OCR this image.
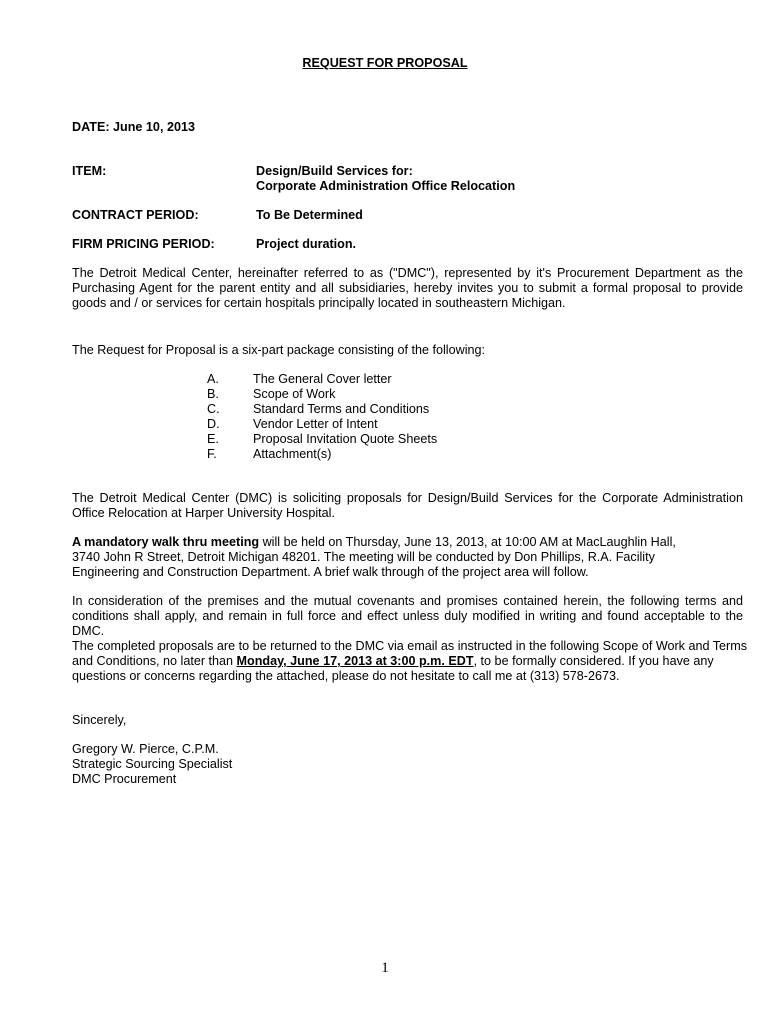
REQUEST FOR PROPOSAL
DATE: June 10, 2013
ITEM:	Design/Build Services for:
Corporate Administration Office Relocation
CONTRACT PERIOD:	To Be Determined
FIRM PRICING PERIOD:	Project duration.

The Detroit Medical Center, hereinafter referred to as ("DMC"), represented by it's Procurement Department as the Purchasing Agent for the parent entity and all subsidiaries, hereby invites you to submit a formal proposal to provide goods and / or services for certain hospitals principally located in southeastern Michigan.

The Request for Proposal is a six-part package consisting of the following:
A.	The General Cover letter
B.	Scope of Work
C.	Standard Terms and Conditions
D.	Vendor Letter of Intent
E.	Proposal Invitation Quote Sheets
F.	Attachment(s)

The Detroit Medical Center (DMC) is soliciting proposals for Design/Build Services for the Corporate Administration Office Relocation at Harper University Hospital.

A mandatory walk thru meeting will be held on Thursday, June 13, 2013, at 10:00 AM at MacLaughlin Hall,
3740 John R Street, Detroit Michigan 48201. The meeting will be conducted by Don Phillips, R.A. Facility
Engineering and Construction Department. A brief walk through of the project area will follow.

In consideration of the premises and the mutual covenants and promises contained herein, the following terms and conditions shall apply, and remain in full force and effect unless duly modified in writing and found acceptable to the DMC.

The completed proposals are to be returned to the DMC via email as instructed in the following Scope of Work and Terms
and Conditions, no later than Monday, June 17, 2013 at 3:00 p.m. EDT, to be formally considered. If you have any
questions or concerns regarding the attached, please do not hesitate to call me at (313) 578-2673.
Sincerely,
Gregory W. Pierce, C.P.M.
Strategic Sourcing Specialist
DMC Procurement
1
